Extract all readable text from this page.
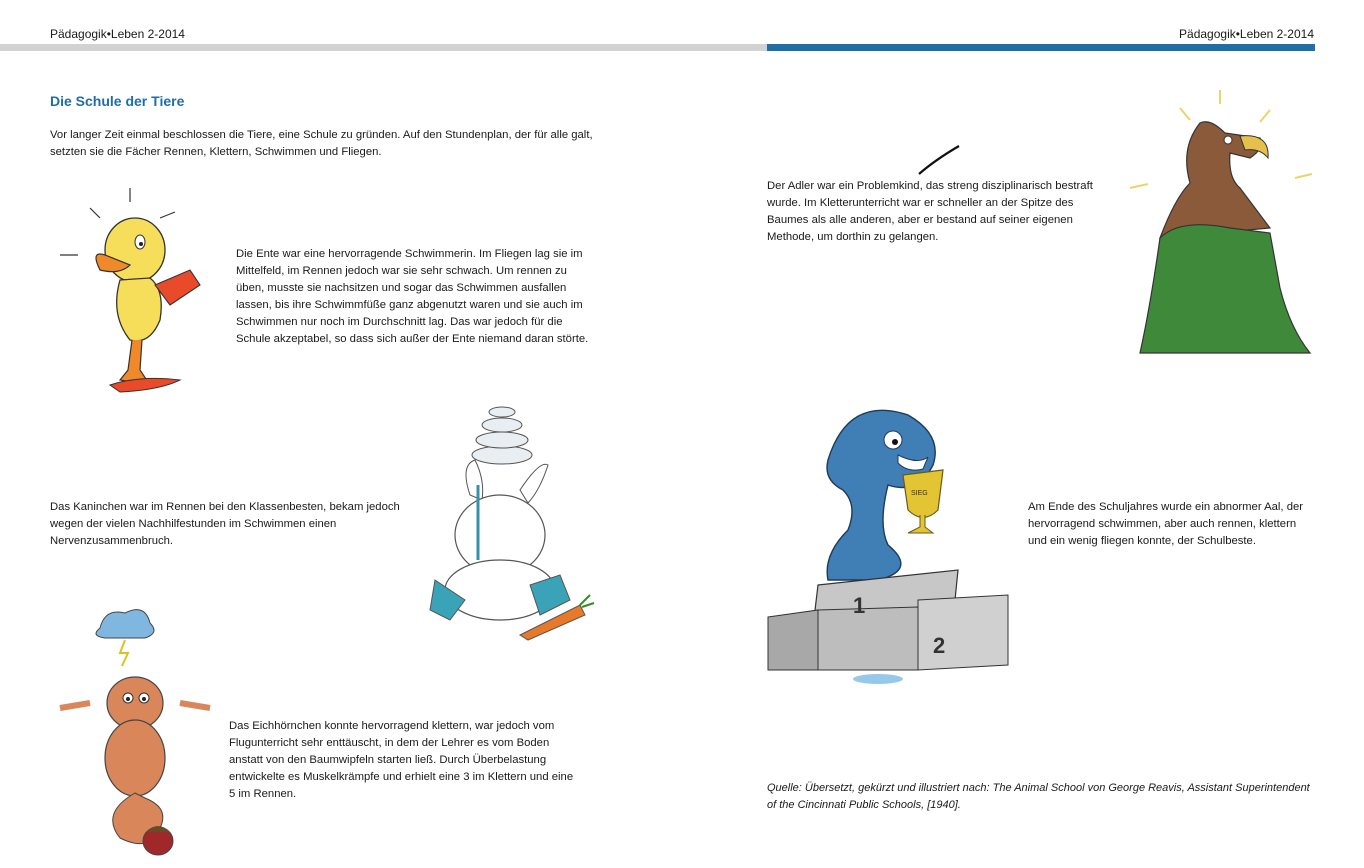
Pädagogik•Leben 2-2014	Pädagogik•Leben 2-2014
Die Schule der Tiere

Vor langer Zeit einmal beschlossen die Tiere, eine Schule zu gründen. Auf den Stundenplan, der für alle galt, setzten sie die Fächer Rennen, Klettern, Schwimmen und Fliegen.

Die Ente war eine hervorragende Schwimmerin. Im Fliegen lag sie im Mittelfeld, im Rennen jedoch war sie sehr schwach. Um rennen zu üben, musste sie nachsitzen und sogar das Schwimmen ausfallen lassen, bis ihre Schwimmfüße ganz abgenutzt waren und sie auch im Schwimmen nur noch im Durchschnitt lag. Das war jedoch für die Schule akzeptabel, so dass sich außer der Ente niemand daran störte.

Das Kaninchen war im Rennen bei den Klassenbesten, bekam jedoch wegen der vielen Nachhilfestunden im Schwimmen einen Nervenzusammenbruch.

Das Eichhörnchen konnte hervorragend klettern, war jedoch vom Flugunterricht sehr enttäuscht, in dem der Lehrer es vom Boden anstatt von den Baumwipfeln starten ließ. Durch Überbelastung entwickelte es Muskelkrämpfe und erhielt eine 3 im Klettern und eine 5 im Rennen.

Der Adler war ein Problemkind, das streng disziplinarisch bestraft wurde. Im Kletterunterricht war er schneller an der Spitze des Baumes als alle anderen, aber er bestand auf seiner eigenen Methode, um dorthin zu gelangen.

SIEG
1
2

Am Ende des Schuljahres wurde ein abnormer Aal, der hervorragend schwimmen, aber auch rennen, klettern und ein wenig fliegen konnte, der Schulbeste.

Quelle: Übersetzt, gekürzt und illustriert nach: The Animal School von George Reavis, Assistant Superintendent of the Cincinnati Public Schools, [1940].
